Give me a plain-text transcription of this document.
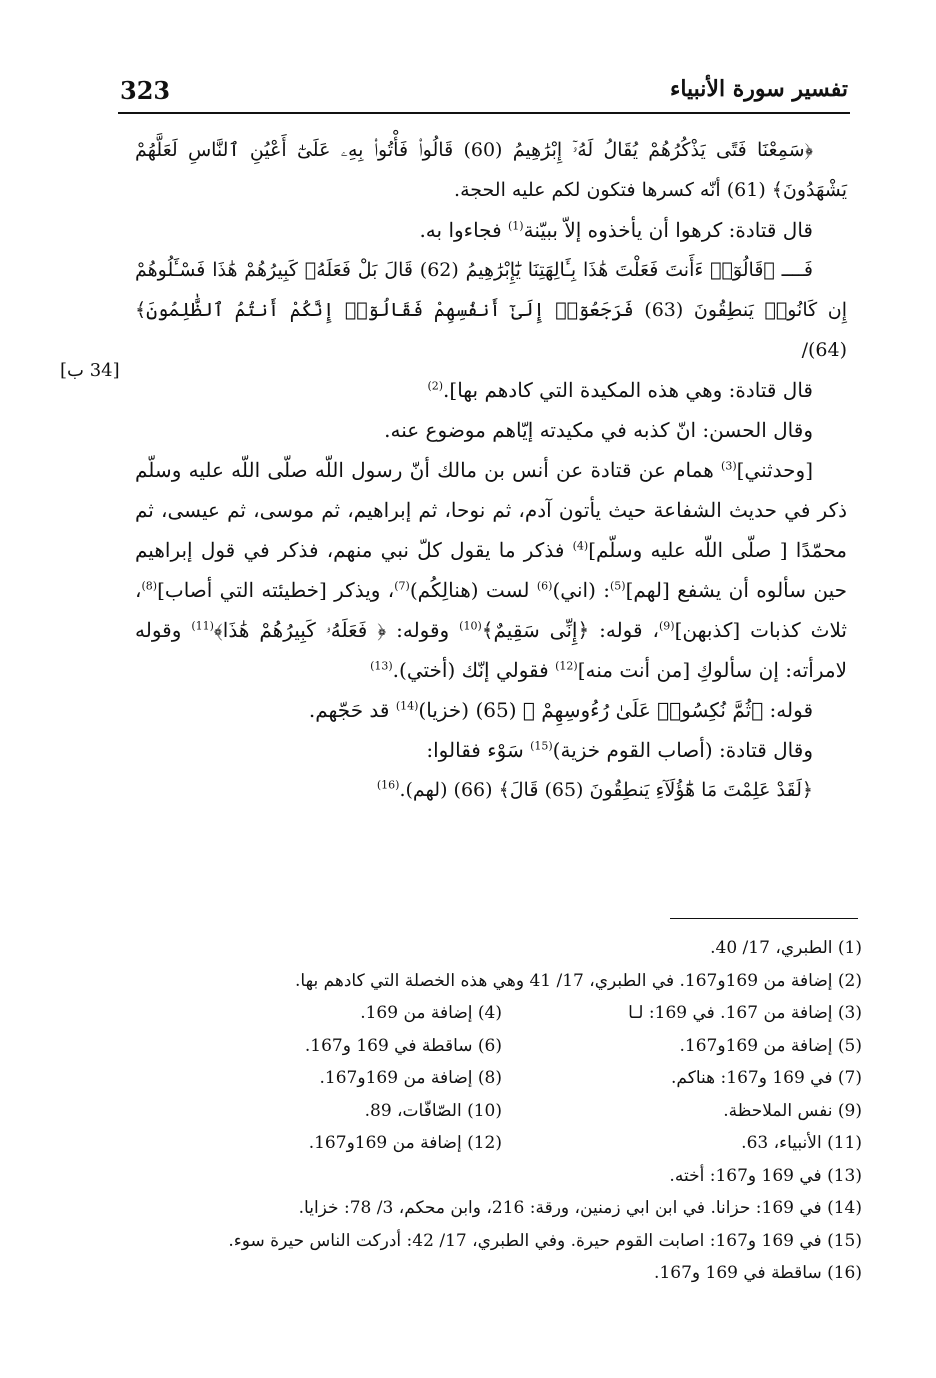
323	تفسير سورة الأنبياء
[34 ب]

﴿سَمِعْنَا فَتًى يَذْكُرُهُمْ يُقَالُ لَهُۥٓ إِبْرَٰهِيمُ (60) قَالُوا۟ فَأْتُوا۟ بِهِۦ عَلَىٰٓ أَعْيُنِ ٱلنَّاسِ لَعَلَّهُمْ يَشْهَدُونَ﴾ (61) أنّه كسرها فتكون لكم عليه الحجة.

قال قتادة: كرهوا أن يأخذوه إلاّ ببيّنة$^{(1)}$ فجاءوا به.

فَــــ ﴿قَالُوٓا۟ ءَأَنتَ فَعَلْتَ هَٰذَا بِـَٔالِهَتِنَا يَٰٓإِبْرَٰهِيمُ (62) قَالَ بَلْ فَعَلَهُۥ كَبِيرُهُمْ هَٰذَا فَسْـَٔلُوهُمْ إِن كَانُوا۟ يَنطِقُونَ (63) فَرَجَعُوٓا۟ إِلَىٰٓ أَنفُسِهِمْ فَقَالُوٓا۟ إِنَّكُمْ أَنتُمُ ٱلظَّٰلِمُونَ﴾ (64)/

قال قتادة: وهي هذه المكيدة التي كادهم بها].$^{(2)}$

وقال الحسن: انّ كذبه في مكيدته إيّاهم موضوع عنه.

[وحدثني]$^{(3)}$ همام عن قتادة عن أنس بن مالك أنّ رسول اللّه صلّى اللّه عليه وسلّم ذكر في حديث الشفاعة حيث يأتون آدم، ثم نوحا، ثم إبراهيم، ثم موسى، ثم عيسى، ثم محمّدًا [ صلّى اللّه عليه وسلّم]$^{(4)}$ فذكر ما يقول كلّ نبي منهم، فذكر في قول إبراهيم حين سألوه أن يشفع [لهم]$^{(5)}$: (اني)$^{(6)}$ لست (هنالِكُم)$^{(7)}$، ويذكر [خطيئته التي أصاب]$^{(8)}$، ثلاث كذبات [كذبهن]$^{(9)}$، قوله: ﴿إِنِّى سَقِيمٌ﴾$^{(10)}$ وقوله: ﴿ فَعَلَهُۥ كَبِيرُهُمْ هَٰذَا﴾$^{(11)}$ وقوله لامرأته: إن سألوكِ [من أنت منه]$^{(12)}$ فقولي إنّك (أختي).$^{(13)}$

قوله: ﴿ثُمَّ نُكِسُوا۟ عَلَىٰ رُءُوسِهِمْ ﴾ (65) (خزيا)$^{(14)}$ قد حَجّهم.

وقال قتادة: (أصاب القوم خزية)$^{(15)}$ سَوْء فقالوا:

﴿لَقَدْ عَلِمْتَ مَا هَٰٓؤُلَآءِ يَنطِقُونَ (65) قَالَ﴾ (66) (لهم).$^{(16)}$

(1) الطبري، 17/ 40.
(2) إضافة من 169و167. في الطبري، 17/ 41 وهي هذه الخصلة التي كادهم بها.
(3) إضافة من 167. في 169: لـا
(4) إضافة من 169.
(5) إضافة من 169و167.
(6) ساقطة في 169 و167.
(7) في 169 و167: هناكم.
(8) إضافة من 169و167.
(9) نفس الملاحظة.
(10) الصّافّات، 89.
(11) الأنبياء، 63.
(12) إضافة من 169و167.
(13) في 169 و167: أخته.
(14) في 169: حزانا. في ابن ابي زمنين، ورقة: 216، وابن محكم، 3/ 78: خزايا.
(15) في 169 و167: اصابت القوم حيرة. وفي الطبري، 17/ 42: أدركت الناس حيرة سوء.
(16) ساقطة في 169 و167.
